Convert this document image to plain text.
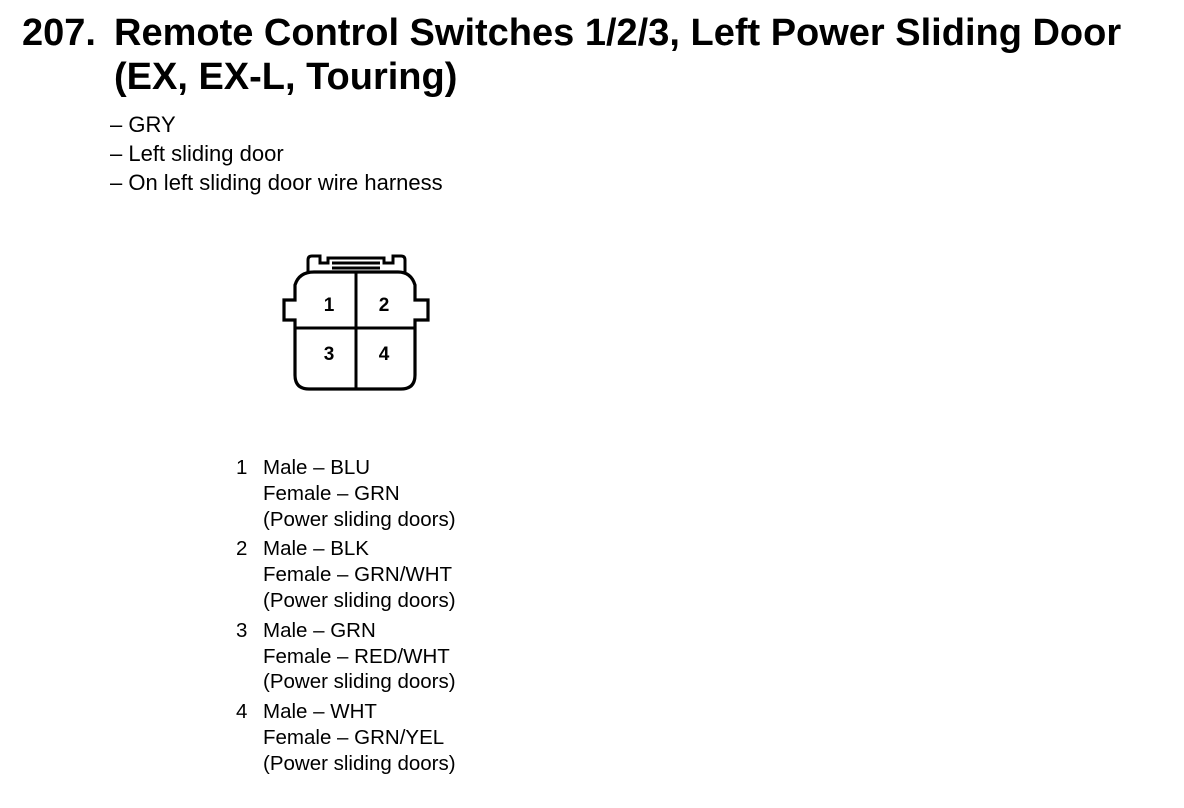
207. Remote Control Switches 1/2/3, Left Power Sliding Door
(EX, EX-L, Touring)
– GRY
– Left sliding door
– On left sliding door wire harness
1 2
3 4
1 Male – BLU
Female – GRN
(Power sliding doors)
2 Male – BLK
Female – GRN/WHT
(Power sliding doors)
3 Male – GRN
Female – RED/WHT
(Power sliding doors)
4 Male – WHT
Female – GRN/YEL
(Power sliding doors)
